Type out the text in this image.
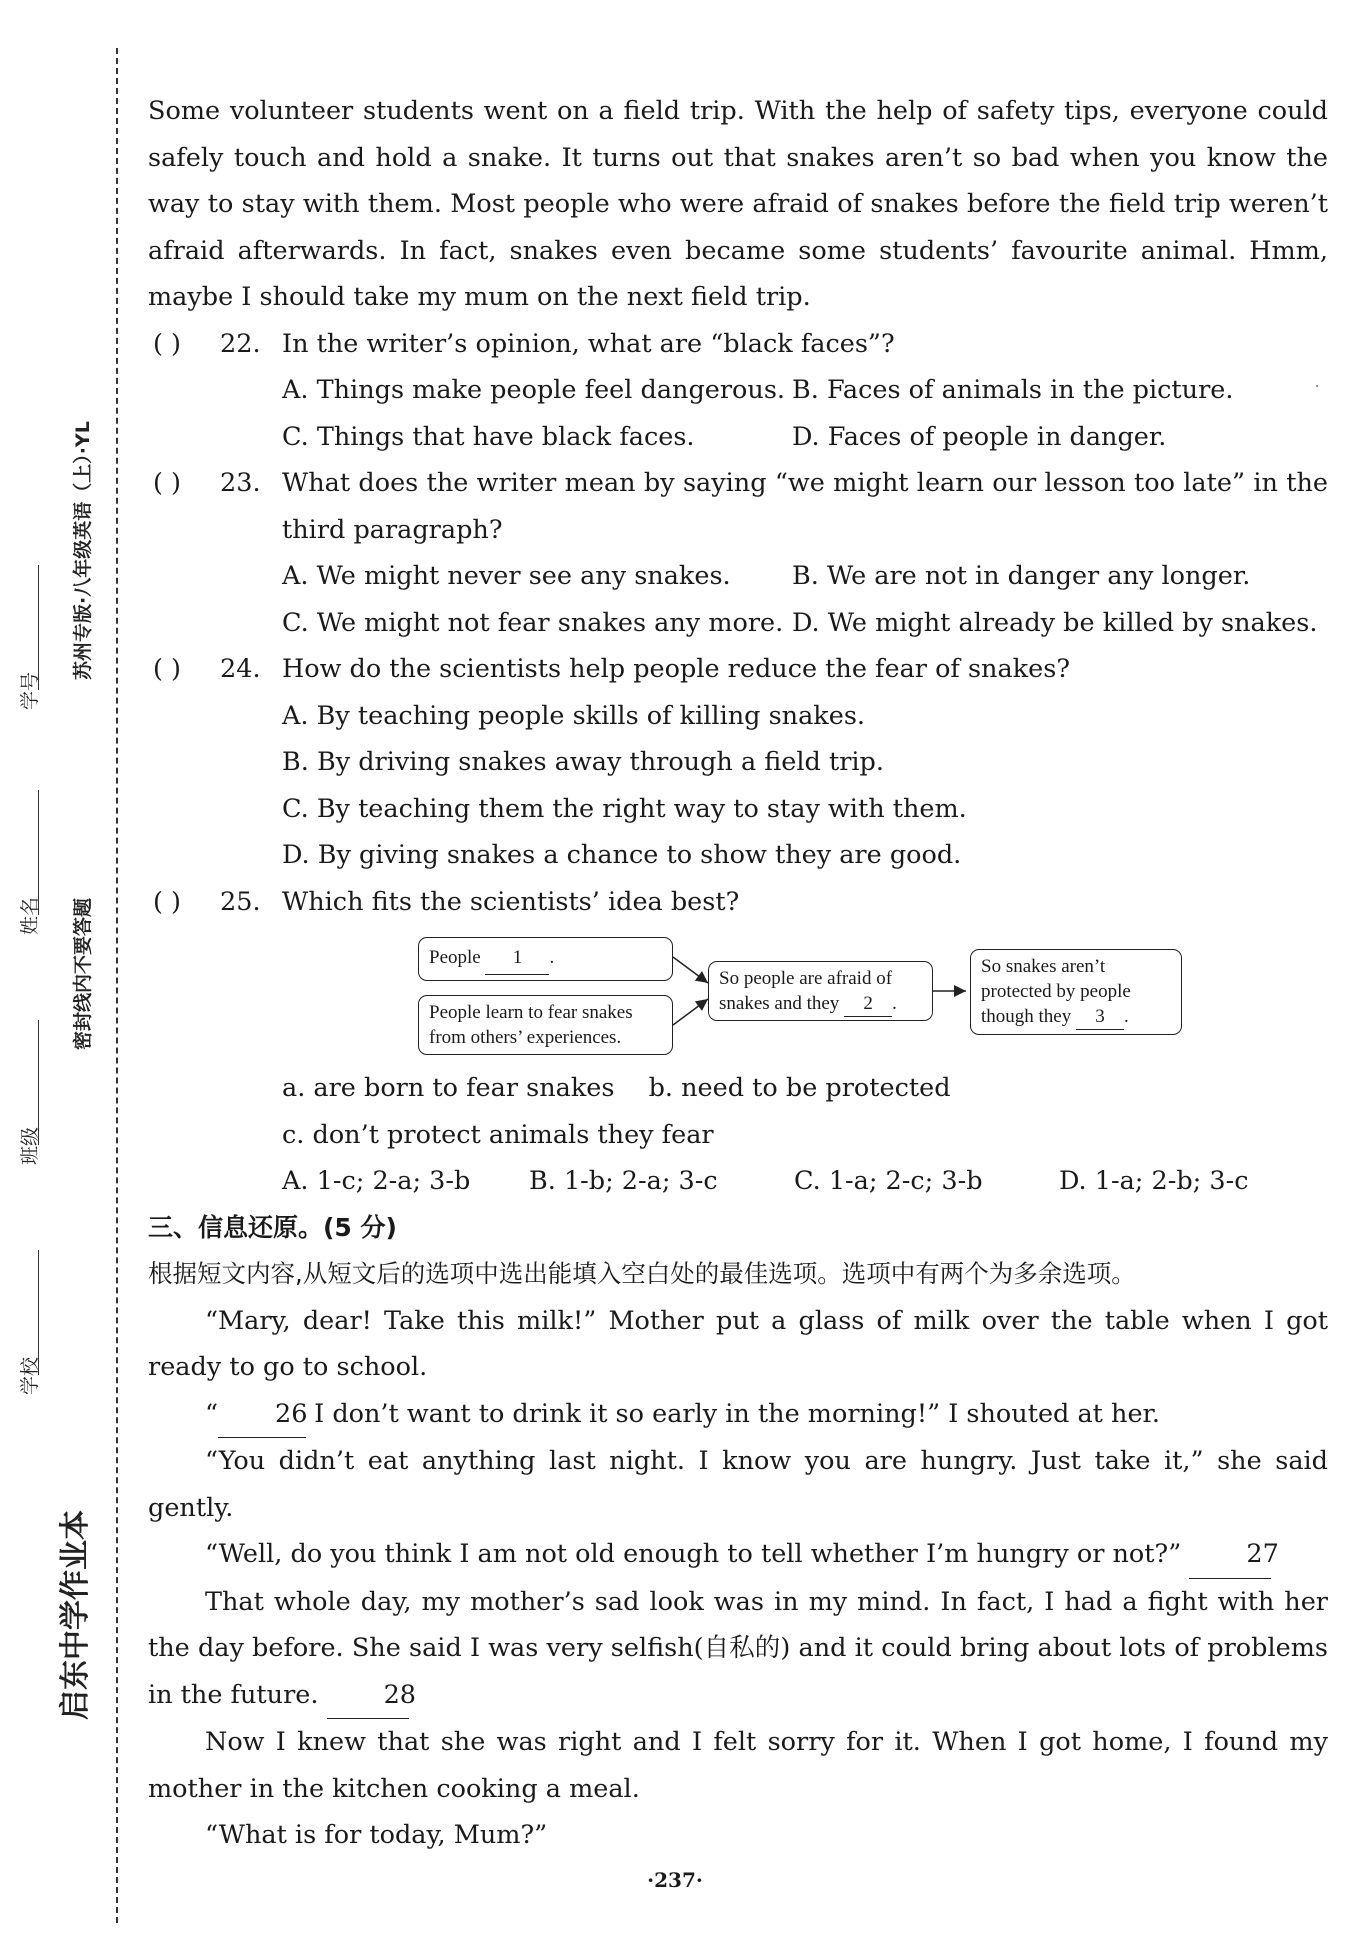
启东中学作业本
学校
班级
姓名
学号
密封线内不要答题
苏州专版·八年级英语（上）·YL

Some volunteer students went on a field trip. With the help of safety tips, everyone could safely touch and hold a snake. It turns out that snakes aren’t so bad when you know the way to stay with them. Most people who were afraid of snakes before the field trip weren’t afraid afterwards. In fact, snakes even became some students’ favourite animal. Hmm, maybe I should take my mum on the next field trip.

( ) 22. In the writer’s opinion, what are “black faces”?
A. Things make people feel dangerous. B. Faces of animals in the picture.
C. Things that have black faces.	D. Faces of people in danger.
( ) 23. What does the writer mean by saying “we might learn our lesson too late” in the third paragraph?
A. We might never see any snakes.	B. We are not in danger any longer.
C. We might not fear snakes any more. D. We might already be killed by snakes.
( ) 24. How do the scientists help people reduce the fear of snakes?
A. By teaching people skills of killing snakes.
B. By driving snakes away through a field trip.
C. By teaching them the right way to stay with them.
D. By giving snakes a chance to show they are good.
( ) 25. Which fits the scientists’ idea best?
People 1 .
People learn to fear snakes
from others’ experiences.
So people are afraid of
snakes and they 2 .
So snakes aren’t
protected by people
though they 3 .
a. are born to fear snakes b. need to be protected
c. don’t protect animals they fear
A. 1-c; 2-a; 3-b	B. 1-b; 2-a; 3-c	C. 1-a; 2-c; 3-b	D. 1-a; 2-b; 3-c
三、信息还原。(5 分)
根据短文内容,从短文后的选项中选出能填入空白处的最佳选项。选项中有两个为多余选项。

“Mary, dear! Take this milk!” Mother put a glass of milk over the table when I got ready to go to school.

“ 26 I don’t want to drink it so early in the morning!” I shouted at her.

“You didn’t eat anything last night. I know you are hungry. Just take it,” she said gently.

“Well, do you think I am not old enough to tell whether I’m hungry or not?” 27

That whole day, my mother’s sad look was in my mind. In fact, I had a fight with her the day before. She said I was very selfish(自私的) and it could bring about lots of problems in the future. 28

Now I knew that she was right and I felt sorry for it. When I got home, I found my mother in the kitchen cooking a meal.

“What is for today, Mum?”

·237·
